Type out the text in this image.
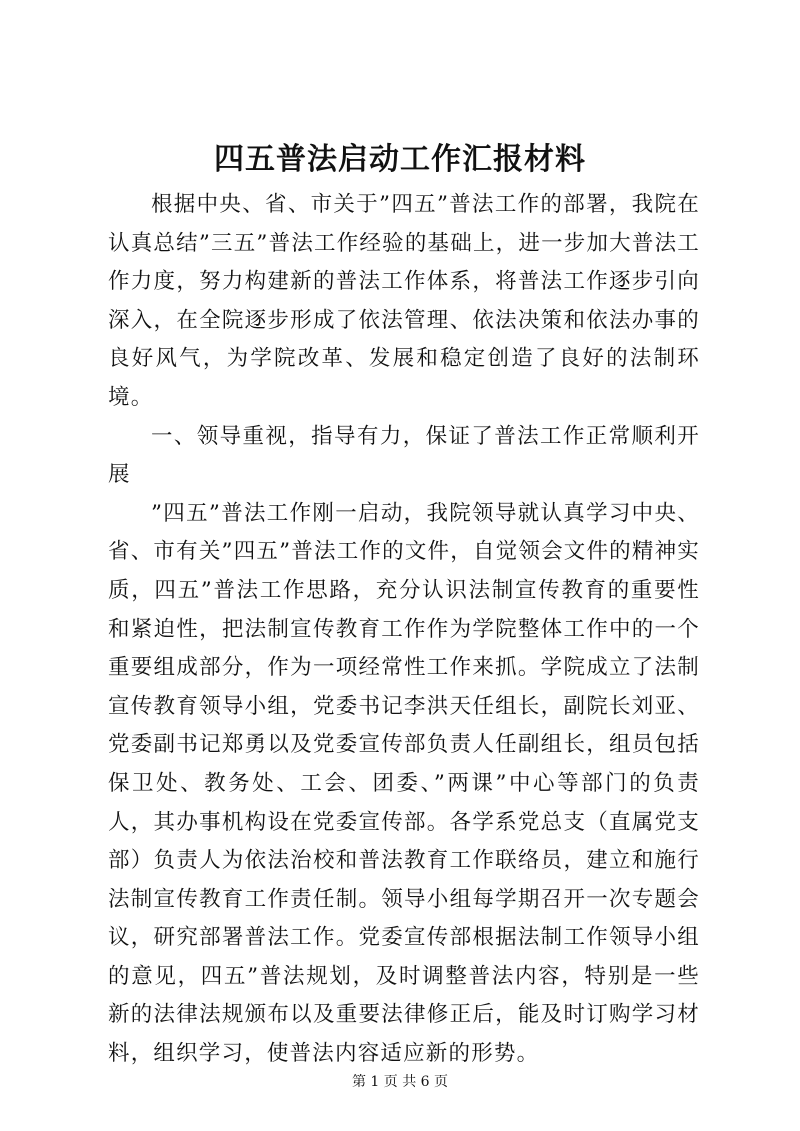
四五普法启动工作汇报材料

根据中央、省、市关于”四五”普法工作的部署，我院在认真总结”三五”普法工作经验的基础上，进一步加大普法工作力度，努力构建新的普法工作体系，将普法工作逐步引向深入，在全院逐步形成了依法管理、依法决策和依法办事的良好风气，为学院改革、发展和稳定创造了良好的法制环境。

一、领导重视，指导有力，保证了普法工作正常顺利开展

”四五”普法工作刚一启动，我院领导就认真学习中央、省、市有关”四五”普法工作的文件，自觉领会文件的精神实质，四五”普法工作思路，充分认识法制宣传教育的重要性和紧迫性，把法制宣传教育工作作为学院整体工作中的一个重要组成部分，作为一项经常性工作来抓。学院成立了法制宣传教育领导小组，党委书记李洪天任组长，副院长刘亚、党委副书记郑勇以及党委宣传部负责人任副组长，组员包括保卫处、教务处、工会、团委、”两课”中心等部门的负责人，其办事机构设在党委宣传部。各学系党总支（直属党支部）负责人为依法治校和普法教育工作联络员，建立和施行法制宣传教育工作责任制。领导小组每学期召开一次专题会议，研究部署普法工作。党委宣传部根据法制工作领导小组的意见，四五”普法规划，及时调整普法内容，特别是一些新的法律法规颁布以及重要法律修正后，能及时订购学习材料，组织学习，使普法内容适应新的形势。

第 1 页 共 6 页
